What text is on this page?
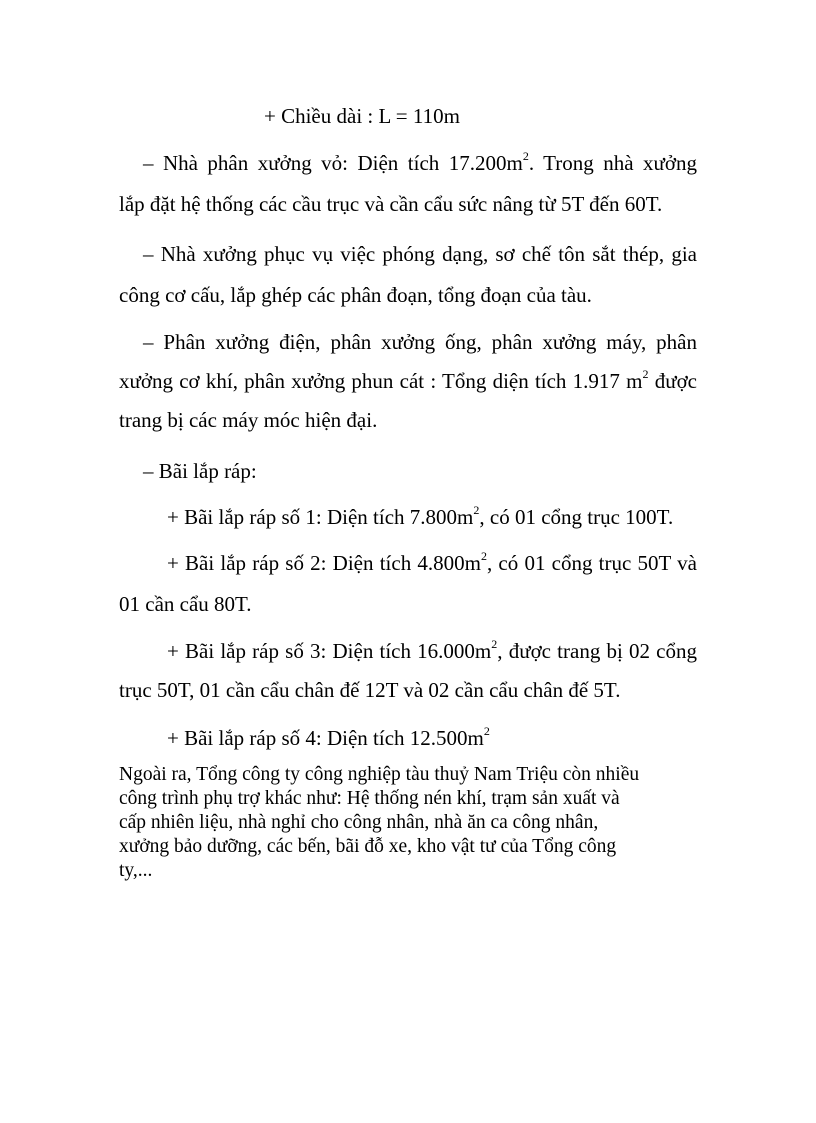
+ Chiều dài : L = 110m
– Nhà phân xưởng vỏ: Diện tích $17.200m^2$. Trong nhà xưởng
lắp đặt hệ thống các cầu trục và cần cẩu sức nâng từ 5T đến 60T.
– Nhà xưởng phục vụ việc phóng dạng, sơ chế tôn sắt thép, gia
công cơ cấu, lắp ghép các phân đoạn, tổng đoạn của tàu.
– Phân xưởng điện, phân xưởng ống, phân xưởng máy, phân
xưởng cơ khí, phân xưởng phun cát : Tổng diện tích 1.917 $m^2$ được
trang bị các máy móc hiện đại.
– Bãi lắp ráp:
+ Bãi lắp ráp số 1: Diện tích $7.800m^2$, có 01 cổng trục 100T.
+ Bãi lắp ráp số 2: Diện tích $4.800m^2$, có 01 cổng trục 50T và
01 cần cẩu 80T.
+ Bãi lắp ráp số 3: Diện tích $16.000m^2$, được trang bị 02 cổng
trục 50T, 01 cần cẩu chân đế 12T và 02 cần cẩu chân đế 5T.
+ Bãi lắp ráp số 4: Diện tích $12.500m^2$
Ngoài ra, Tổng công ty công nghiệp tàu thuỷ Nam Triệu còn nhiều
công trình phụ trợ khác như: Hệ thống nén khí, trạm sản xuất và
cấp nhiên liệu, nhà nghỉ cho công nhân, nhà ăn ca công nhân,
xưởng bảo dưỡng, các bến, bãi đỗ xe, kho vật tư của Tổng công
ty,...
